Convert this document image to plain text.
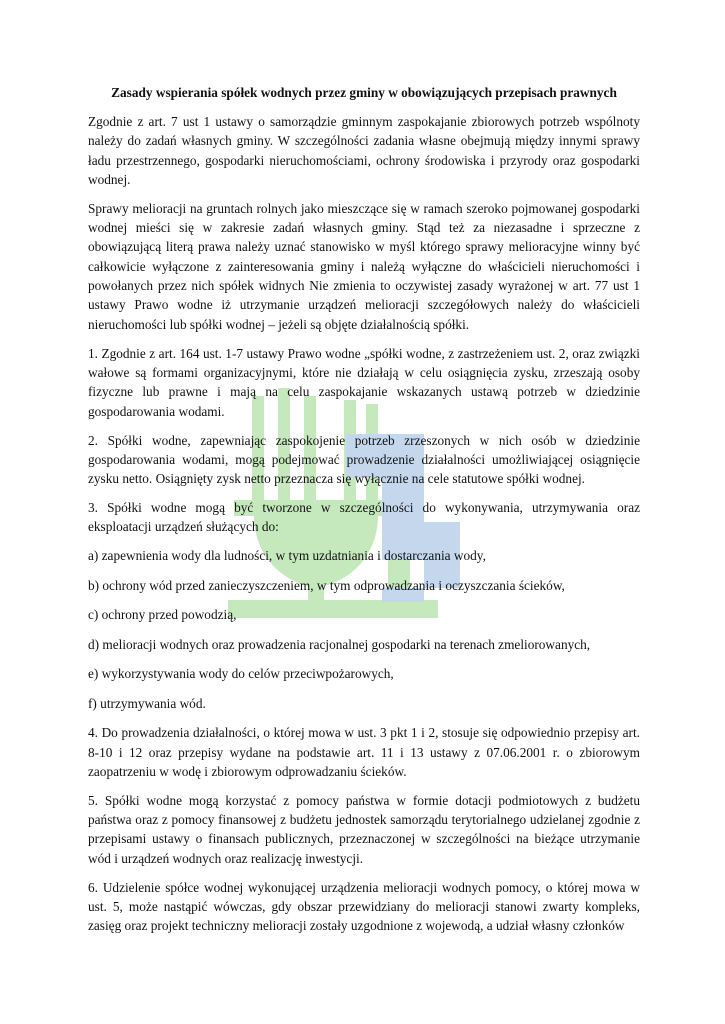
Zasady wspierania spółek wodnych przez gminy w obowiązujących przepisach prawnych

Zgodnie z art. 7 ust 1 ustawy o samorządzie gminnym zaspokajanie zbiorowych potrzeb wspólnoty należy do zadań własnych gminy. W szczególności zadania własne obejmują między innymi sprawy ładu przestrzennego, gospodarki nieruchomościami, ochrony środowiska i przyrody oraz gospodarki wodnej.

Sprawy melioracji na gruntach rolnych jako mieszczące się w ramach szeroko pojmowanej gospodarki wodnej mieści się w zakresie zadań własnych gminy. Stąd też za niezasadne i sprzeczne z obowiązującą literą prawa należy uznać stanowisko w myśl którego sprawy melioracyjne winny być całkowicie wyłączone z zainteresowania gminy i należą wyłączne do właścicieli nieruchomości i powołanych przez nich spółek widnych Nie zmienia to oczywistej zasady wyrażonej w art. 77 ust 1 ustawy Prawo wodne iż utrzymanie urządzeń melioracji szczegółowych należy do właścicieli nieruchomości lub spółki wodnej – jeżeli są objęte działalnością spółki.

1. Zgodnie z art. 164 ust. 1-7 ustawy Prawo wodne „spółki wodne, z zastrzeżeniem ust. 2, oraz związki wałowe są formami organizacyjnymi, które nie działają w celu osiągnięcia zysku, zrzeszają osoby fizyczne lub prawne i mają na celu zaspokajanie wskazanych ustawą potrzeb w dziedzinie gospodarowania wodami.

2. Spółki wodne, zapewniając zaspokojenie potrzeb zrzeszonych w nich osób w dziedzinie gospodarowania wodami, mogą podejmować prowadzenie działalności umożliwiającej osiągnięcie zysku netto. Osiągnięty zysk netto przeznacza się wyłącznie na cele statutowe spółki wodnej.

3. Spółki wodne mogą być tworzone w szczególności do wykonywania, utrzymywania oraz eksploatacji urządzeń służących do:

a) zapewnienia wody dla ludności, w tym uzdatniania i dostarczania wody,

b) ochrony wód przed zanieczyszczeniem, w tym odprowadzania i oczyszczania ścieków,

c) ochrony przed powodzią,

d) melioracji wodnych oraz prowadzenia racjonalnej gospodarki na terenach zmeliorowanych,

e) wykorzystywania wody do celów przeciwpożarowych,

f) utrzymywania wód.

4. Do prowadzenia działalności, o której mowa w ust. 3 pkt 1 i 2, stosuje się odpowiednio przepisy art. 8-10 i 12 oraz przepisy wydane na podstawie art. 11 i 13 ustawy z 07.06.2001 r. o zbiorowym zaopatrzeniu w wodę i zbiorowym odprowadzaniu ścieków.

5. Spółki wodne mogą korzystać z pomocy państwa w formie dotacji podmiotowych z budżetu państwa oraz z pomocy finansowej z budżetu jednostek samorządu terytorialnego udzielanej zgodnie z przepisami ustawy o finansach publicznych, przeznaczonej w szczególności na bieżące utrzymanie wód i urządzeń wodnych oraz realizację inwestycji.

6. Udzielenie spółce wodnej wykonującej urządzenia melioracji wodnych pomocy, o której mowa w ust. 5, może nastąpić wówczas, gdy obszar przewidziany do melioracji stanowi zwarty kompleks, zasięg oraz projekt techniczny melioracji zostały uzgodnione z wojewodą, a udział własny członków
